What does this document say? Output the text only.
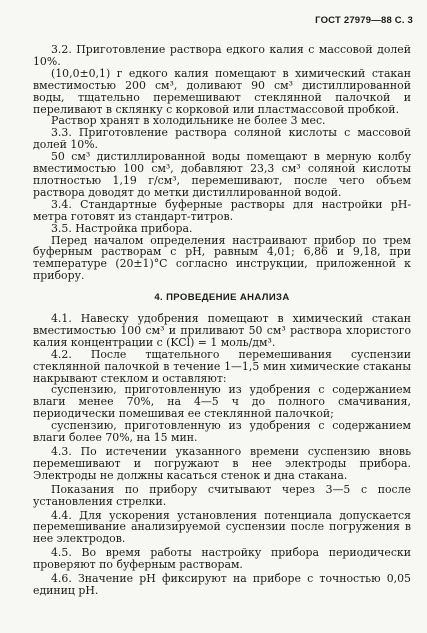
ГОСТ 27979—88 С. 3

3.2. Приготовление раствора едкого калия с массовой долей 10%.

(10,0±0,1) г едкого калия помещают в химический стакан вместимостью 200 см³, доливают 90 см³ дистиллированной воды, тщательно перемешивают стеклянной палочкой и переливают в склянку с корковой или пластмассовой пробкой.

Раствор хранят в холодильнике не более 3 мес.

3.3. Приготовление раствора соляной кислоты с массовой долей 10%.

50 см³ дистиллированной воды помещают в мерную колбу вместимостью 100 см³, добавляют 23,3 см³ соляной кислоты плотностью 1,19 г/см³, перемешивают, после чего объем раствора доводят до метки дистиллированной водой.

3.4. Стандартные буферные растворы для настройки pH-метра готовят из стандарт-титров.

3.5. Настройка прибора.

Перед началом определения настраивают прибор по трем буферным растворам с pH, равным 4,01; 6,86 и 9,18, при температуре (20±1)°С согласно инструкции, приложенной к прибору.

4. ПРОВЕДЕНИЕ АНАЛИЗА

4.1. Навеску удобрения помещают в химический стакан вместимостью 100 см³ и приливают 50 см³ раствора хлористого калия концентрации с (KCl) = 1 моль/дм³.

4.2. После тщательного перемешивания суспензии стеклянной палочкой в течение 1—1,5 мин химические стаканы накрывают стеклом и оставляют:

суспензию, приготовленную из удобрения с содержанием влаги менее 70%, на 4—5 ч до полного смачивания, периодически помешивая ее стеклянной палочкой;

суспензию, приготовленную из удобрения с содержанием влаги более 70%, на 15 мин.

4.3. По истечении указанного времени суспензию вновь перемешивают и погружают в нее электроды прибора. Электроды не должны касаться стенок и дна стакана.

Показания по прибору считывают через 3—5 с после установления стрелки.

4.4. Для ускорения установления потенциала допускается перемешивание анализируемой суспензии после погружения в нее электродов.

4.5. Во время работы настройку прибора периодически проверяют по буферным растворам.

4.6. Значение pH фиксируют на приборе с точностью 0,05 единиц pH.
